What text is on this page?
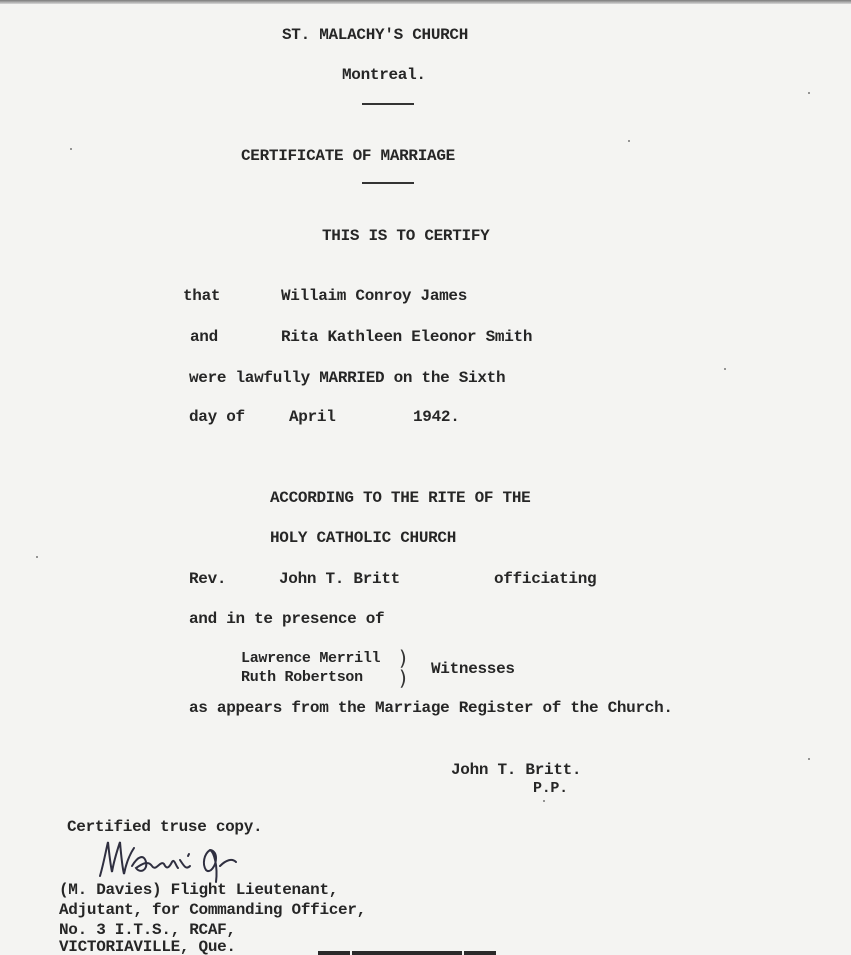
ST. MALACHY'S CHURCH
Montreal.
CERTIFICATE OF MARRIAGE
THIS IS TO CERTIFY
that	Willaim Conroy James
and	Rita Kathleen Eleonor Smith
were lawfully MARRIED on the Sixth
day of	April	1942.
ACCORDING TO THE RITE OF THE
HOLY CATHOLIC CHURCH
Rev.	John T. Britt	officiating
and in te presence of
Lawrence Merrill
Ruth Robertson
)
) Witnesses
as appears from the Marriage Register of the Church.
John T. Britt.
P.P.
Certified truse copy.
(M. Davies) Flight Lieutenant,
Adjutant, for Commanding Officer,
No. 3 I.T.S., RCAF,
VICTORIAVILLE, Que.
